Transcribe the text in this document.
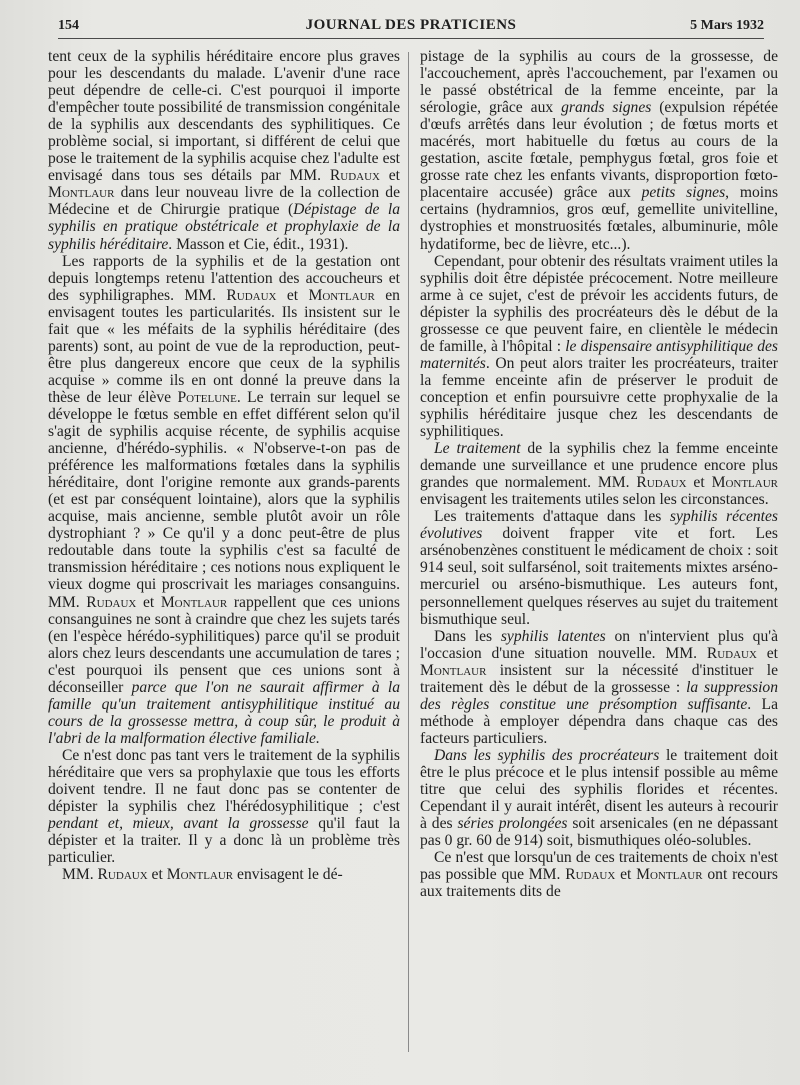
154	JOURNAL DES PRATICIENS	5 Mars 1932

tent ceux de la syphilis héréditaire encore plus graves pour les descendants du malade. L'avenir d'une race peut dépendre de celle-ci. C'est pourquoi il importe d'empêcher toute possibilité de transmission congénitale de la syphilis aux descendants des syphilitiques. Ce problème social, si important, si différent de celui que pose le traitement de la syphilis acquise chez l'adulte est envisagé dans tous ses détails par MM. Rudaux et Montlaur dans leur nouveau livre de la collection de Médecine et de Chirurgie pratique (Dépistage de la syphilis en pratique obstétricale et prophylaxie de la syphilis héréditaire. Masson et Cie, édit., 1931).

Les rapports de la syphilis et de la gestation ont depuis longtemps retenu l'attention des accoucheurs et des syphiligraphes. MM. Rudaux et Montlaur en envisagent toutes les particularités. Ils insistent sur le fait que « les méfaits de la syphilis héréditaire (des parents) sont, au point de vue de la reproduction, peut-être plus dangereux encore que ceux de la syphilis acquise » comme ils en ont donné la preuve dans la thèse de leur élève Potelune. Le terrain sur lequel se développe le fœtus semble en effet différent selon qu'il s'agit de syphilis acquise récente, de syphilis acquise ancienne, d'hérédo-syphilis. « N'observe-t-on pas de préférence les malformations fœtales dans la syphilis héréditaire, dont l'origine remonte aux grands-parents (et est par conséquent lointaine), alors que la syphilis acquise, mais ancienne, semble plutôt avoir un rôle dystrophiant ? » Ce qu'il y a donc peut-être de plus redoutable dans toute la syphilis c'est sa faculté de transmission héréditaire ; ces notions nous expliquent le vieux dogme qui proscrivait les mariages consanguins. MM. Rudaux et Montlaur rappellent que ces unions consanguines ne sont à craindre que chez les sujets tarés (en l'espèce hérédo-syphilitiques) parce qu'il se produit alors chez leurs descendants une accumulation de tares ; c'est pourquoi ils pensent que ces unions sont à déconseiller parce que l'on ne saurait affirmer à la famille qu'un traitement antisyphilitique institué au cours de la grossesse mettra, à coup sûr, le produit à l'abri de la malformation élective familiale.

Ce n'est donc pas tant vers le traitement de la syphilis héréditaire que vers sa prophylaxie que tous les efforts doivent tendre. Il ne faut donc pas se contenter de dépister la syphilis chez l'hérédosyphilitique ; c'est pendant et, mieux, avant la grossesse qu'il faut la dépister et la traiter. Il y a donc là un problème très particulier.

MM. Rudaux et Montlaur envisagent le dé-

pistage de la syphilis au cours de la grossesse, de l'accouchement, après l'accouchement, par l'examen ou le passé obstétrical de la femme enceinte, par la sérologie, grâce aux grands signes (expulsion répétée d'œufs arrêtés dans leur évolution ; de fœtus morts et macérés, mort habituelle du fœtus au cours de la gestation, ascite fœtale, pemphygus fœtal, gros foie et grosse rate chez les enfants vivants, disproportion fœto-placentaire accusée) grâce aux petits signes, moins certains (hydramnios, gros œuf, gemellite univitelline, dystrophies et monstruosités fœtales, albuminurie, môle hydatiforme, bec de lièvre, etc...).

Cependant, pour obtenir des résultats vraiment utiles la syphilis doit être dépistée précocement. Notre meilleure arme à ce sujet, c'est de prévoir les accidents futurs, de dépister la syphilis des procréateurs dès le début de la grossesse ce que peuvent faire, en clientèle le médecin de famille, à l'hôpital : le dispensaire antisyphilitique des maternités. On peut alors traiter les procréateurs, traiter la femme enceinte afin de préserver le produit de conception et enfin poursuivre cette prophyxalie de la syphilis héréditaire jusque chez les descendants de syphilitiques.

Le traitement de la syphilis chez la femme enceinte demande une surveillance et une prudence encore plus grandes que normalement. MM. Rudaux et Montlaur envisagent les traitements utiles selon les circonstances.

Les traitements d'attaque dans les syphilis récentes évolutives doivent frapper vite et fort. Les arsénobenzènes constituent le médicament de choix : soit 914 seul, soit sulfarsénol, soit traitements mixtes arséno-mercuriel ou arséno-bismuthique. Les auteurs font, personnellement quelques réserves au sujet du traitement bismuthique seul.

Dans les syphilis latentes on n'intervient plus qu'à l'occasion d'une situation nouvelle. MM. Rudaux et Montlaur insistent sur la nécessité d'instituer le traitement dès le début de la grossesse : la suppression des règles constitue une présomption suffisante. La méthode à employer dépendra dans chaque cas des facteurs particuliers.

Dans les syphilis des procréateurs le traitement doit être le plus précoce et le plus intensif possible au même titre que celui des syphilis florides et récentes. Cependant il y aurait intérêt, disent les auteurs à recourir à des séries prolongées soit arsenicales (en ne dépassant pas 0 gr. 60 de 914) soit, bismuthiques oléo-solubles.

Ce n'est que lorsqu'un de ces traitements de choix n'est pas possible que MM. Rudaux et Montlaur ont recours aux traitements dits de
